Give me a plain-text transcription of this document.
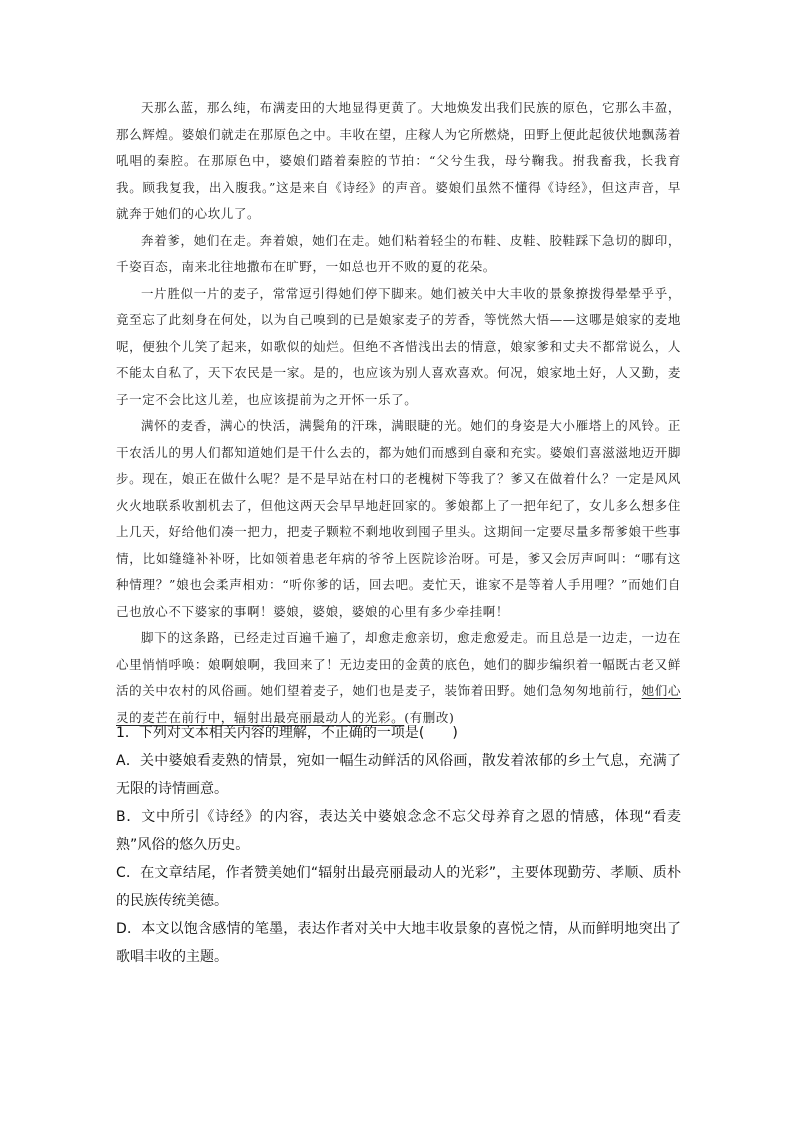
天那么蓝，那么纯，布满麦田的大地显得更黄了。大地焕发出我们民族的原色，它那么丰盈，那么辉煌。婆娘们就走在那原色之中。丰收在望，庄稼人为它所燃烧，田野上便此起彼伏地飘荡着吼唱的秦腔。在那原色中，婆娘们踏着秦腔的节拍：“父兮生我，母兮鞠我。拊我畜我，长我育我。顾我复我，出入腹我。”这是来自《诗经》的声音。婆娘们虽然不懂得《诗经》，但这声音，早就奔于她们的心坎儿了。

奔着爹，她们在走。奔着娘，她们在走。她们粘着轻尘的布鞋、皮鞋、胶鞋踩下急切的脚印，千姿百态，南来北往地撒布在旷野，一如总也开不败的夏的花朵。

一片胜似一片的麦子，常常逗引得她们停下脚来。她们被关中大丰收的景象撩拨得晕晕乎乎，竟至忘了此刻身在何处，以为自己嗅到的已是娘家麦子的芳香，等恍然大悟——这哪是娘家的麦地呢，便独个儿笑了起来，如歌似的灿烂。但绝不吝惜浅出去的情意，娘家爹和丈夫不都常说么，人不能太自私了，天下农民是一家。是的，也应该为别人喜欢喜欢。何况，娘家地土好，人又勤，麦子一定不会比这儿差，也应该提前为之开怀一乐了。

满怀的麦香，满心的快活，满鬓角的汗珠，满眼睫的光。她们的身姿是大小雁塔上的风铃。正干农活儿的男人们都知道她们是干什么去的，都为她们而感到自豪和充实。婆娘们喜滋滋地迈开脚步。现在，娘正在做什么呢？是不是早站在村口的老槐树下等我了？爹又在做着什么？一定是风风火火地联系收割机去了，但他这两天会早早地赶回家的。爹娘都上了一把年纪了，女儿多么想多住上几天，好给他们凑一把力，把麦子颗粒不剩地收到囤子里头。这期间一定要尽量多帮爹娘干些事情，比如缝缝补补呀，比如领着患老年病的爷爷上医院诊治呀。可是，爹又会厉声呵叫：“哪有这种情理？”娘也会柔声相劝：“听你爹的话，回去吧。麦忙天，谁家不是等着人手用哩？”而她们自己也放心不下婆家的事啊！婆娘，婆娘，婆娘的心里有多少牵挂啊！

脚下的这条路，已经走过百遍千遍了，却愈走愈亲切，愈走愈爱走。而且总是一边走，一边在心里悄悄呼唤：娘啊娘啊，我回来了！无边麦田的金黄的底色，她们的脚步编织着一幅既古老又鲜活的关中农村的风俗画。她们望着麦子，她们也是麦子，装饰着田野。她们急匆匆地前行，她们心灵的麦芒在前行中，辐射出最亮丽最动人的光彩。(有删改)

1．下列对文本相关内容的理解，不正确的一项是(　　)

A．关中婆娘看麦熟的情景，宛如一幅生动鲜活的风俗画，散发着浓郁的乡土气息，充满了无限的诗情画意。

B．文中所引《诗经》的内容，表达关中婆娘念念不忘父母养育之恩的情感，体现“看麦熟”风俗的悠久历史。

C．在文章结尾，作者赞美她们“辐射出最亮丽最动人的光彩”，主要体现勤劳、孝顺、质朴的民族传统美德。

D．本文以饱含感情的笔墨，表达作者对关中大地丰收景象的喜悦之情，从而鲜明地突出了歌唱丰收的主题。
